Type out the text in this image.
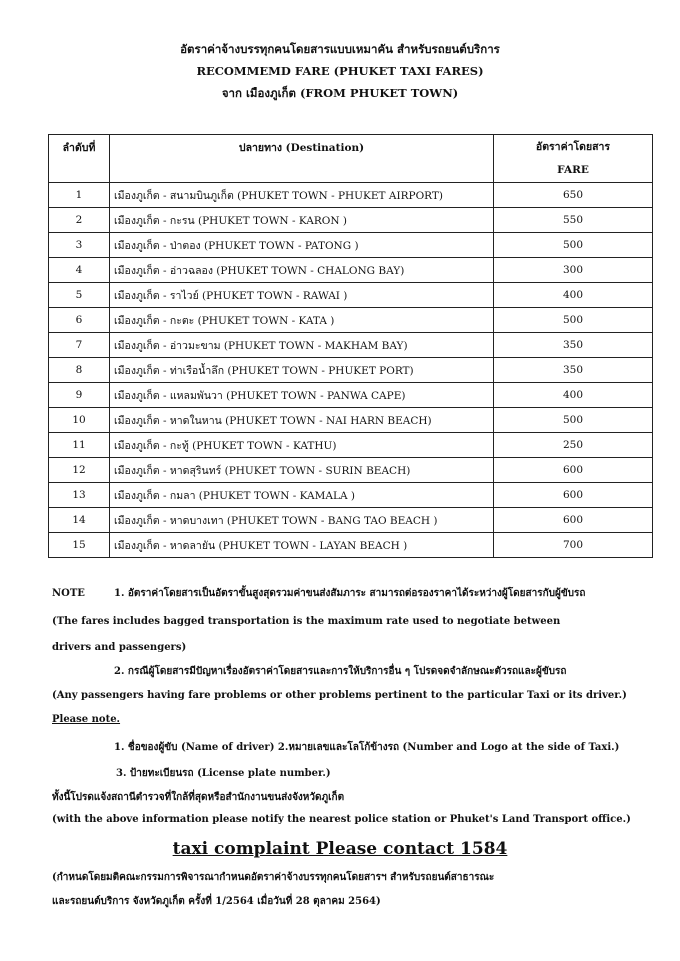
อัตราค่าจ้างบรรทุกคนโดยสารแบบเหมาคัน สำหรับรถยนต์บริการ
RECOMMEMD FARE (PHUKET TAXI FARES)
จาก เมืองภูเก็ต (FROM PHUKET TOWN)
ลำดับที่	ปลายทาง (Destination)	อัตราค่าโดยสาร
		FARE
1	เมืองภูเก็ต - สนามบินภูเก็ต (PHUKET TOWN - PHUKET AIRPORT)	650
2	เมืองภูเก็ต - กะรน (PHUKET TOWN - KARON )	550
3	เมืองภูเก็ต - ป่าตอง (PHUKET TOWN - PATONG )	500
4	เมืองภูเก็ต - อ่าวฉลอง (PHUKET TOWN - CHALONG BAY)	300
5	เมืองภูเก็ต - ราไวย์ (PHUKET TOWN - RAWAI )	400
6	เมืองภูเก็ต - กะตะ (PHUKET TOWN - KATA )	500
7	เมืองภูเก็ต - อ่าวมะขาม (PHUKET TOWN - MAKHAM BAY)	350
8	เมืองภูเก็ต - ท่าเรือน้ำลึก (PHUKET TOWN - PHUKET PORT)	350
9	เมืองภูเก็ต - แหลมพันวา (PHUKET TOWN - PANWA CAPE)	400
10	เมืองภูเก็ต - หาดในหาน (PHUKET TOWN - NAI HARN BEACH)	500
11	เมืองภูเก็ต - กะทู้ (PHUKET TOWN - KATHU)	250
12	เมืองภูเก็ต - หาดสุรินทร์ (PHUKET TOWN - SURIN BEACH)	600
13	เมืองภูเก็ต - กมลา (PHUKET TOWN - KAMALA )	600
14	เมืองภูเก็ต - หาดบางเทา (PHUKET TOWN - BANG TAO BEACH )	600
15	เมืองภูเก็ต - หาดลายัน (PHUKET TOWN - LAYAN BEACH )	700
NOTE	1. อัตราค่าโดยสารเป็นอัตราขั้นสูงสุดรวมค่าขนส่งสัมภาระ สามารถต่อรองราคาได้ระหว่างผู้โดยสารกับผู้ขับรถ
(The fares includes bagged transportation is the maximum rate used to negotiate between
drivers and passengers)
2. กรณีผู้โดยสารมีปัญหาเรื่องอัตราค่าโดยสารและการให้บริการอื่น ๆ โปรดจดจำลักษณะตัวรถและผู้ขับรถ
(Any passengers having fare problems or other problems pertinent to the particular Taxi or its driver.)
Please note.
1. ชื่อของผู้ขับ (Name of driver) 2.หมายเลขและโลโก้ข้างรถ (Number and Logo at the side of Taxi.)
3. ป้ายทะเบียนรถ (License plate number.)
ทั้งนี้โปรดแจ้งสถานีตำรวจที่ใกล้ที่สุดหรือสำนักงานขนส่งจังหวัดภูเก็ต
(with the above information please notify the nearest police station or Phuket's Land Transport office.)
taxi complaint Please contact 1584
(กำหนดโดยมติคณะกรรมการพิจารณากำหนดอัตราค่าจ้างบรรทุกคนโดยสารฯ สำหรับรถยนต์สาธารณะ
และรถยนต์บริการ จังหวัดภูเก็ต ครั้งที่ 1/2564 เมื่อวันที่ 28 ตุลาคม 2564)
